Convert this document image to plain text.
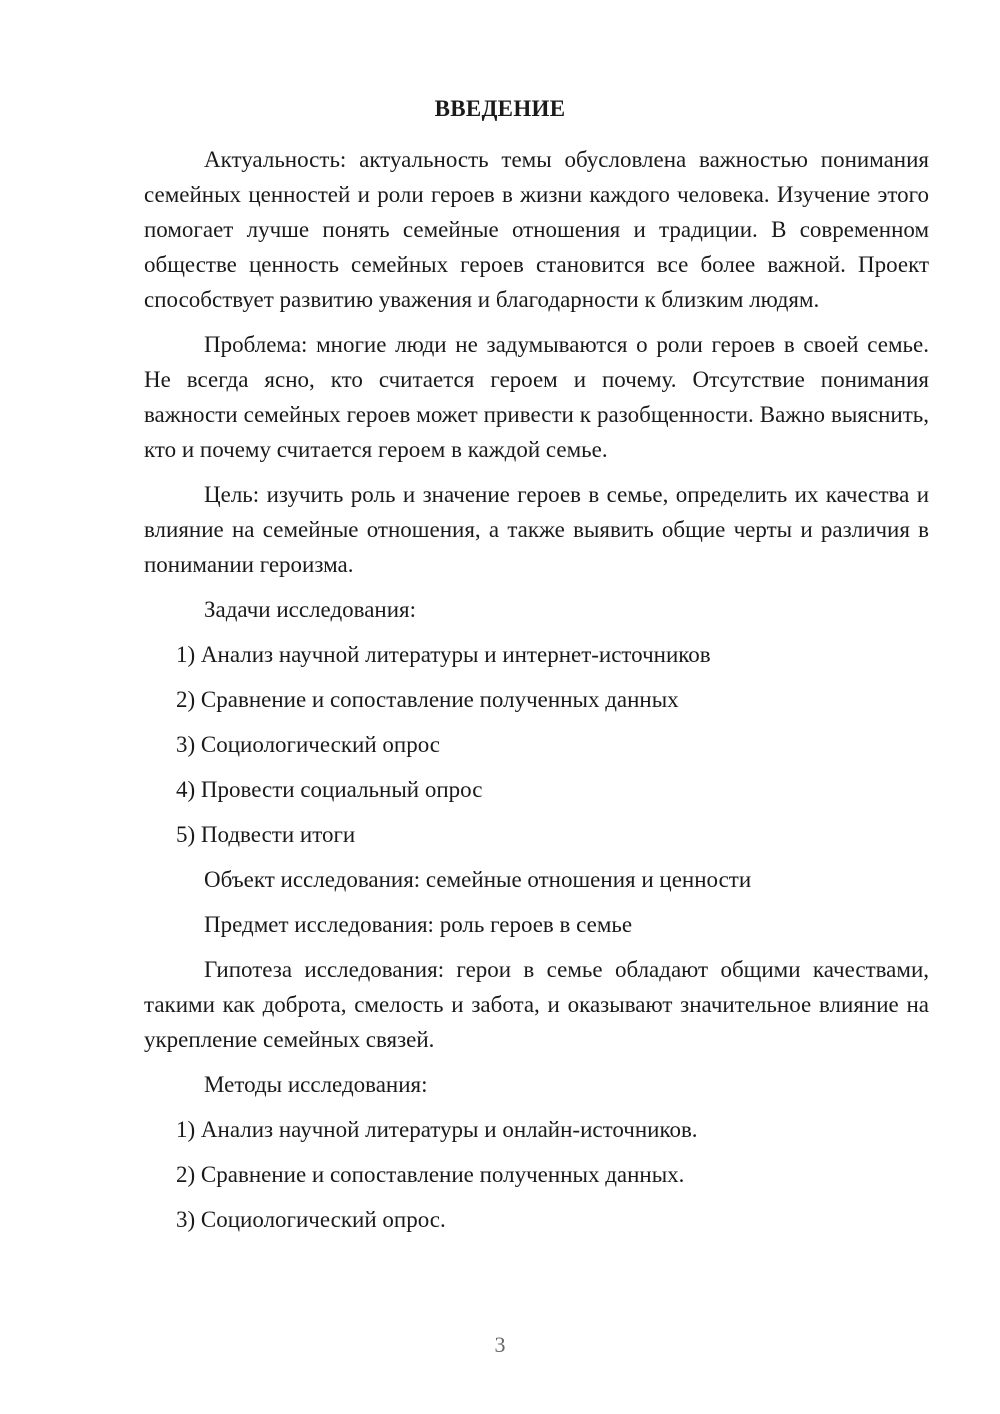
ВВЕДЕНИЕ

Актуальность: актуальность темы обусловлена важностью понимания семейных ценностей и роли героев в жизни каждого человека. Изучение этого помогает лучше понять семейные отношения и традиции. В современном обществе ценность семейных героев становится все более важной. Проект способствует развитию уважения и благодарности к близким людям.

Проблема: многие люди не задумываются о роли героев в своей семье. Не всегда ясно, кто считается героем и почему. Отсутствие понимания важности семейных героев может привести к разобщенности. Важно выяснить, кто и почему считается героем в каждой семье.

Цель: изучить роль и значение героев в семье, определить их качества и влияние на семейные отношения, а также выявить общие черты и различия в понимании героизма.

Задачи исследования:
1) Анализ научной литературы и интернет-источников
2) Сравнение и сопоставление полученных данных
3) Социологический опрос
4) Провести социальный опрос
5) Подвести итоги
Объект исследования: семейные отношения и ценности
Предмет исследования: роль героев в семье

Гипотеза исследования: герои в семье обладают общими качествами, такими как доброта, смелость и забота, и оказывают значительное влияние на укрепление семейных связей.

Методы исследования:
1) Анализ научной литературы и онлайн-источников.
2) Сравнение и сопоставление полученных данных.
3) Социологический опрос.
3
